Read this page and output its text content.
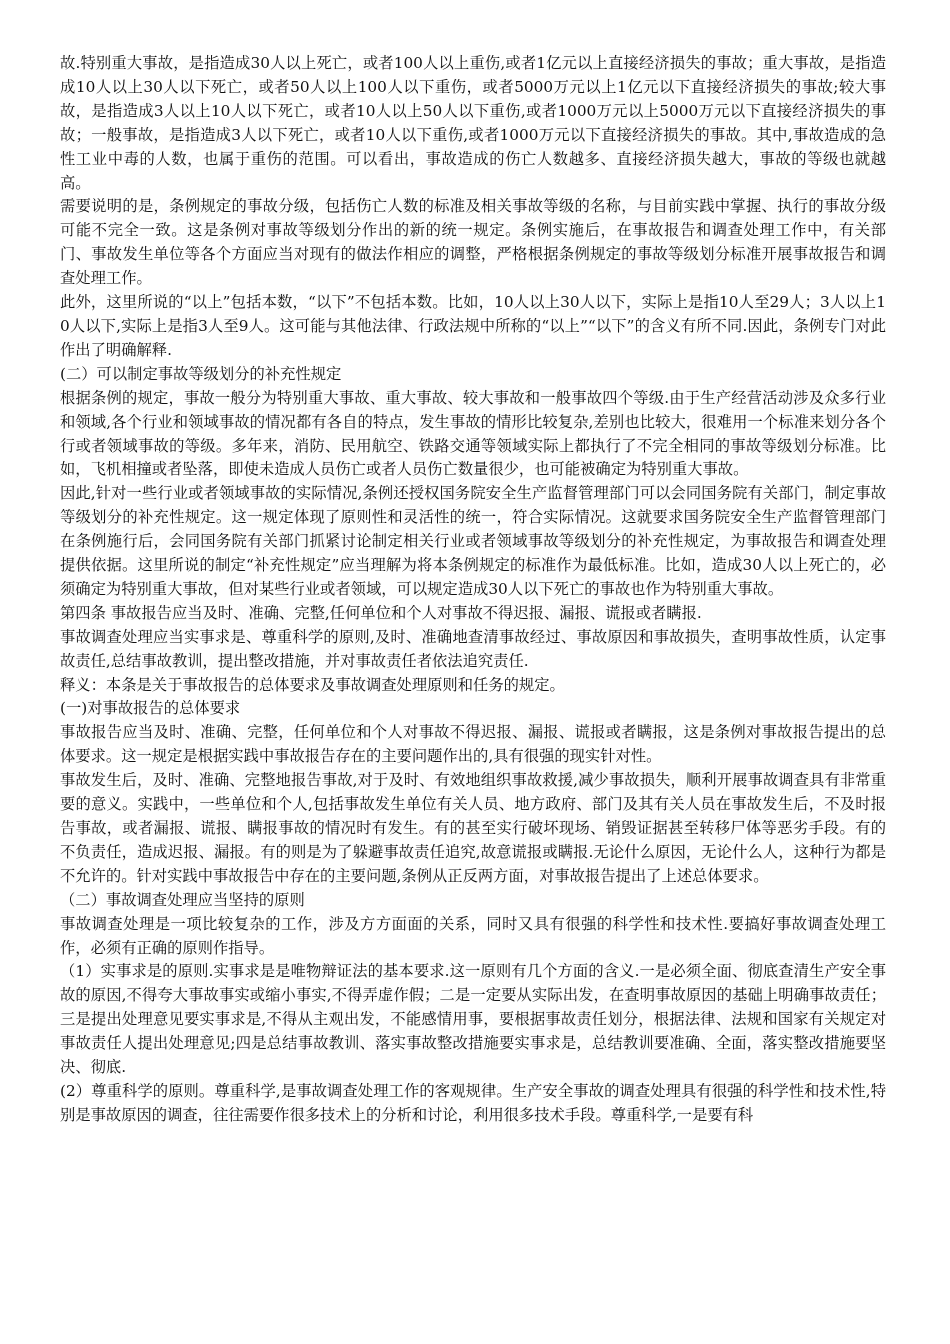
故.特别重大事故，是指造成30人以上死亡，或者100人以上重伤,或者1亿元以上直接经济损失的事故；重大事故，是指造成10人以上30人以下死亡，或者50人以上100人以下重伤，或者5000万元以上1亿元以下直接经济损失的事故;较大事故，是指造成3人以上10人以下死亡，或者10人以上50人以下重伤,或者1000万元以上5000万元以下直接经济损失的事故；一般事故，是指造成3人以下死亡，或者10人以下重伤,或者1000万元以下直接经济损失的事故。其中,事故造成的急性工业中毒的人数，也属于重伤的范围。可以看出，事故造成的伤亡人数越多、直接经济损失越大，事故的等级也就越高。

需要说明的是，条例规定的事故分级，包括伤亡人数的标准及相关事故等级的名称，与目前实践中掌握、执行的事故分级可能不完全一致。这是条例对事故等级划分作出的新的统一规定。条例实施后，在事故报告和调查处理工作中，有关部门、事故发生单位等各个方面应当对现有的做法作相应的调整，严格根据条例规定的事故等级划分标准开展事故报告和调查处理工作。

此外，这里所说的“以上”包括本数，“以下”不包括本数。比如，10人以上30人以下，实际上是指10人至29人；3人以上10人以下,实际上是指3人至9人。这可能与其他法律、行政法规中所称的“以上”“以下”的含义有所不同.因此，条例专门对此作出了明确解释.

(二）可以制定事故等级划分的补充性规定

根据条例的规定，事故一般分为特别重大事故、重大事故、较大事故和一般事故四个等级.由于生产经营活动涉及众多行业和领域,各个行业和领域事故的情况都有各自的特点，发生事故的情形比较复杂,差别也比较大，很难用一个标准来划分各个行或者领域事故的等级。多年来，消防、民用航空、铁路交通等领域实际上都执行了不完全相同的事故等级划分标准。比如，飞机相撞或者坠落，即使未造成人员伤亡或者人员伤亡数量很少，也可能被确定为特别重大事故。

因此,针对一些行业或者领域事故的实际情况,条例还授权国务院安全生产监督管理部门可以会同国务院有关部门，制定事故等级划分的补充性规定。这一规定体现了原则性和灵活性的统一，符合实际情况。这就要求国务院安全生产监督管理部门在条例施行后，会同国务院有关部门抓紧讨论制定相关行业或者领域事故等级划分的补充性规定，为事故报告和调查处理提供依据。这里所说的制定“补充性规定”应当理解为将本条例规定的标准作为最低标准。比如，造成30人以上死亡的，必须确定为特别重大事故，但对某些行业或者领域，可以规定造成30人以下死亡的事故也作为特别重大事故。

第四条 事故报告应当及时、准确、完整,任何单位和个人对事故不得迟报、漏报、谎报或者瞒报.

事故调查处理应当实事求是、尊重科学的原则,及时、准确地查清事故经过、事故原因和事故损失，查明事故性质，认定事故责任,总结事故教训，提出整改措施，并对事故责任者依法追究责任.

释义：本条是关于事故报告的总体要求及事故调查处理原则和任务的规定。

(一)对事故报告的总体要求

事故报告应当及时、准确、完整，任何单位和个人对事故不得迟报、漏报、谎报或者瞒报，这是条例对事故报告提出的总体要求。这一规定是根据实践中事故报告存在的主要问题作出的,具有很强的现实针对性。

事故发生后，及时、准确、完整地报告事故,对于及时、有效地组织事故救援,减少事故损失，顺利开展事故调查具有非常重要的意义。实践中，一些单位和个人,包括事故发生单位有关人员、地方政府、部门及其有关人员在事故发生后，不及时报告事故，或者漏报、谎报、瞒报事故的情况时有发生。有的甚至实行破坏现场、销毁证据甚至转移尸体等恶劣手段。有的不负责任，造成迟报、漏报。有的则是为了躲避事故责任追究,故意谎报或瞒报.无论什么原因，无论什么人，这种行为都是不允许的。针对实践中事故报告中存在的主要问题,条例从正反两方面，对事故报告提出了上述总体要求。

（二）事故调查处理应当坚持的原则

事故调查处理是一项比较复杂的工作，涉及方方面面的关系，同时又具有很强的科学性和技术性.要搞好事故调查处理工作，必须有正确的原则作指导。

（1）实事求是的原则.实事求是是唯物辩证法的基本要求.这一原则有几个方面的含义.一是必须全面、彻底查清生产安全事故的原因,不得夸大事故事实或缩小事实,不得弄虚作假；二是一定要从实际出发，在查明事故原因的基础上明确事故责任；三是提出处理意见要实事求是,不得从主观出发，不能感情用事，要根据事故责任划分，根据法律、法规和国家有关规定对事故责任人提出处理意见;四是总结事故教训、落实事故整改措施要实事求是，总结教训要准确、全面，落实整改措施要坚决、彻底.

(2）尊重科学的原则。尊重科学,是事故调查处理工作的客观规律。生产安全事故的调查处理具有很强的科学性和技术性,特别是事故原因的调查，往往需要作很多技术上的分析和讨论，利用很多技术手段。尊重科学,一是要有科
